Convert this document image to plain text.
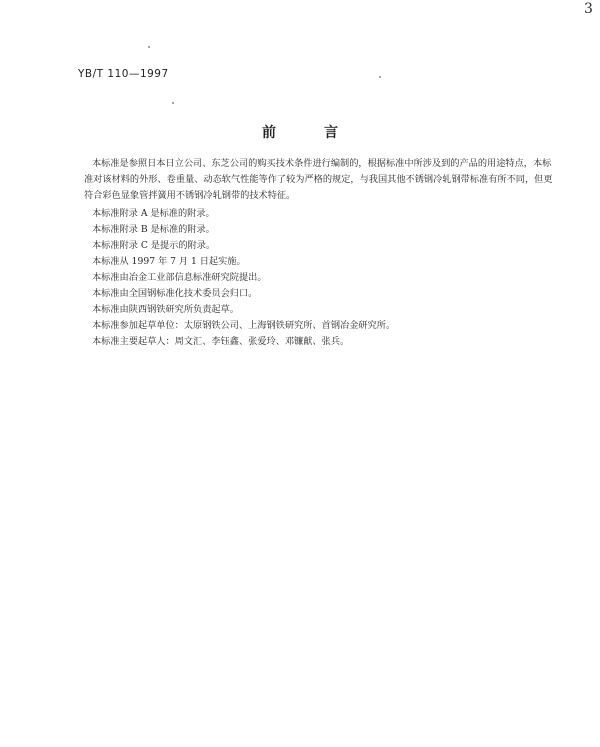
3
YB/T 110—1997
前言

本标准是参照日本日立公司、东芝公司的购买技术条件进行编制的，根据标准中所涉及到的产品的用途特点，本标准对该材料的外形、卷重量、动态软气性能等作了较为严格的规定，与我国其他不锈钢冷轧钢带标准有所不同，但更符合彩色显象管拌簧用不锈钢冷轧钢带的技术特征。

本标准附录 A 是标准的附录。

本标准附录 B 是标准的附录。

本标准附录 C 是提示的附录。

本标准从 1997 年 7 月 1 日起实施。

本标准由冶金工业部信息标准研究院提出。

本标准由全国钢标准化技术委员会归口。

本标准由陕西钢铁研究所负责起草。

本标准参加起草单位：太原钢铁公司、上海钢铁研究所、首钢冶金研究所。

本标准主要起草人：周文汇、李钰鑫、张爱玲、邓镰献、张兵。
